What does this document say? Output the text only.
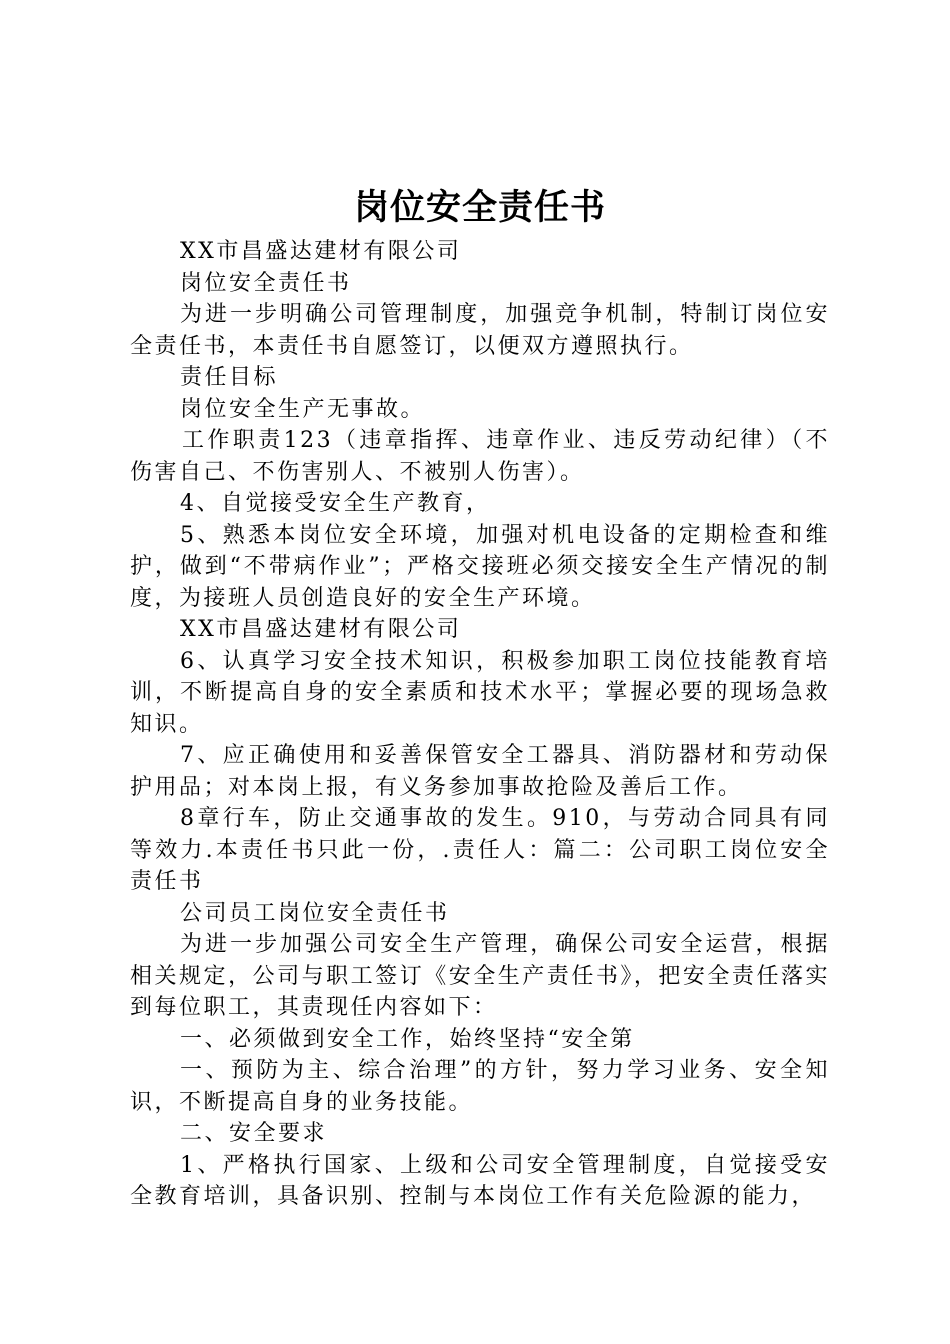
岗位安全责任书

XX市昌盛达建材有限公司

岗位安全责任书

为进一步明确公司管理制度，加强竞争机制，特制订岗位安全责任书，本责任书自愿签订，以便双方遵照执行。

责任目标

岗位安全生产无事故。

工作职责123（违章指挥、违章作业、违反劳动纪律）（不伤害自己、不伤害别人、不被别人伤害）。

4、自觉接受安全生产教育，

5、熟悉本岗位安全环境，加强对机电设备的定期检查和维护，做到“不带病作业”；严格交接班必须交接安全生产情况的制度，为接班人员创造良好的安全生产环境。

XX市昌盛达建材有限公司

6、认真学习安全技术知识，积极参加职工岗位技能教育培训，不断提高自身的安全素质和技术水平；掌握必要的现场急救知识。

7、应正确使用和妥善保管安全工器具、消防器材和劳动保护用品；对本岗上报，有义务参加事故抢险及善后工作。

8章行车，防止交通事故的发生。910，与劳动合同具有同等效力.本责任书只此一份，.责任人：篇二：公司职工岗位安全责任书

公司员工岗位安全责任书

为进一步加强公司安全生产管理，确保公司安全运营，根据相关规定，公司与职工签订《安全生产责任书》，把安全责任落实到每位职工，其责现任内容如下：

一、必须做到安全工作，始终坚持“安全第

一、预防为主、综合治理”的方针，努力学习业务、安全知识，不断提高自身的业务技能。

二、安全要求

1、严格执行国家、上级和公司安全管理制度，自觉接受安全教育培训，具备识别、控制与本岗位工作有关危险源的能力，
